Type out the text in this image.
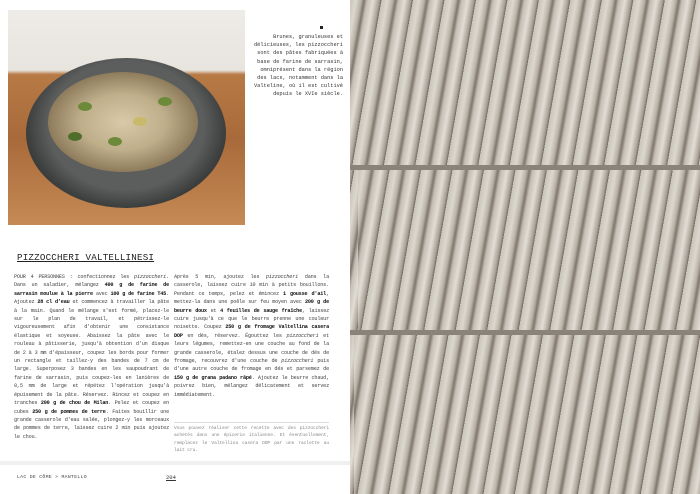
Brunes, granuleuses et délicieuses, les pizzoccheri sont des pâtes fabriquées à base de farine de sarrasin, omniprésent dans la région des lacs, notamment dans la Valteline, où il est cultivé depuis le XVIe siècle.
PIZZOCCHERI VALTELLINESI
POUR 4 PERSONNES : confectionnez les pizzoccheri. Dans un saladier, mélangez 400 g de farine de sarrasin moulue à la pierre avec 100 g de farine T45. Ajoutez 28 cl d'eau et commencez à travailler la pâte à la main. Quand le mélange s'est formé, placez-le sur le plan de travail, et pétrissez-le vigoureusement afin d'obtenir une consistance élastique et soyeuse. Abaissez la pâte avec le rouleau à pâtisserie, jusqu'à obtention d'un disque de 2 à 3 mm d'épaisseur, coupez les bords pour former un rectangle et taillez-y des bandes de 7 cm de large. Superposez 3 bandes en les saupoudrant de farine de sarrasin, puis coupez-les en lanières de 0,5 mm de large et répétez l'opération jusqu'à épuisement de la pâte. Réservez. Rincez et coupez en tranches 200 g de chou de Milan. Pelez et coupez en cubes 250 g de pommes de terre. Faites bouillir une grande casserole d'eau salée, plongez-y les morceaux de pommes de terre, laissez cuire 2 min puis ajoutez le chou.
Après 5 min, ajoutez les pizzoccheri dans la casserole, laissez cuire 10 min à petits bouillons. Pendant ce temps, pelez et émincez 1 gousse d'ail, mettez-la dans une poêle sur feu moyen avec 200 g de beurre doux et 4 feuilles de sauge fraîche, laissez cuire jusqu'à ce que le beurre prenne une couleur noisette. Coupez 250 g de fromage Valtellina casera DOP en dés, réservez. Égouttez les pizzoccheri et leurs légumes, remettez-en une couche au fond de la grande casserole, étalez dessus une couche de dés de fromage, recouvrez d'une couche de pizzoccheri puis d'une autre couche de fromage en dés et parsemez de 150 g de grana padano râpé. Ajoutez le beurre chaud, poivrez bien, mélangez délicatement et servez immédiatement.
Vous pouvez réaliser cette recette avec des pizzoccheri achetés dans une épicerie italienne. Et éventuellement, remplacez le Valtellina casera DOP par une raclette au lait cru.
LAC DE CÔME > MANTELLO	204
